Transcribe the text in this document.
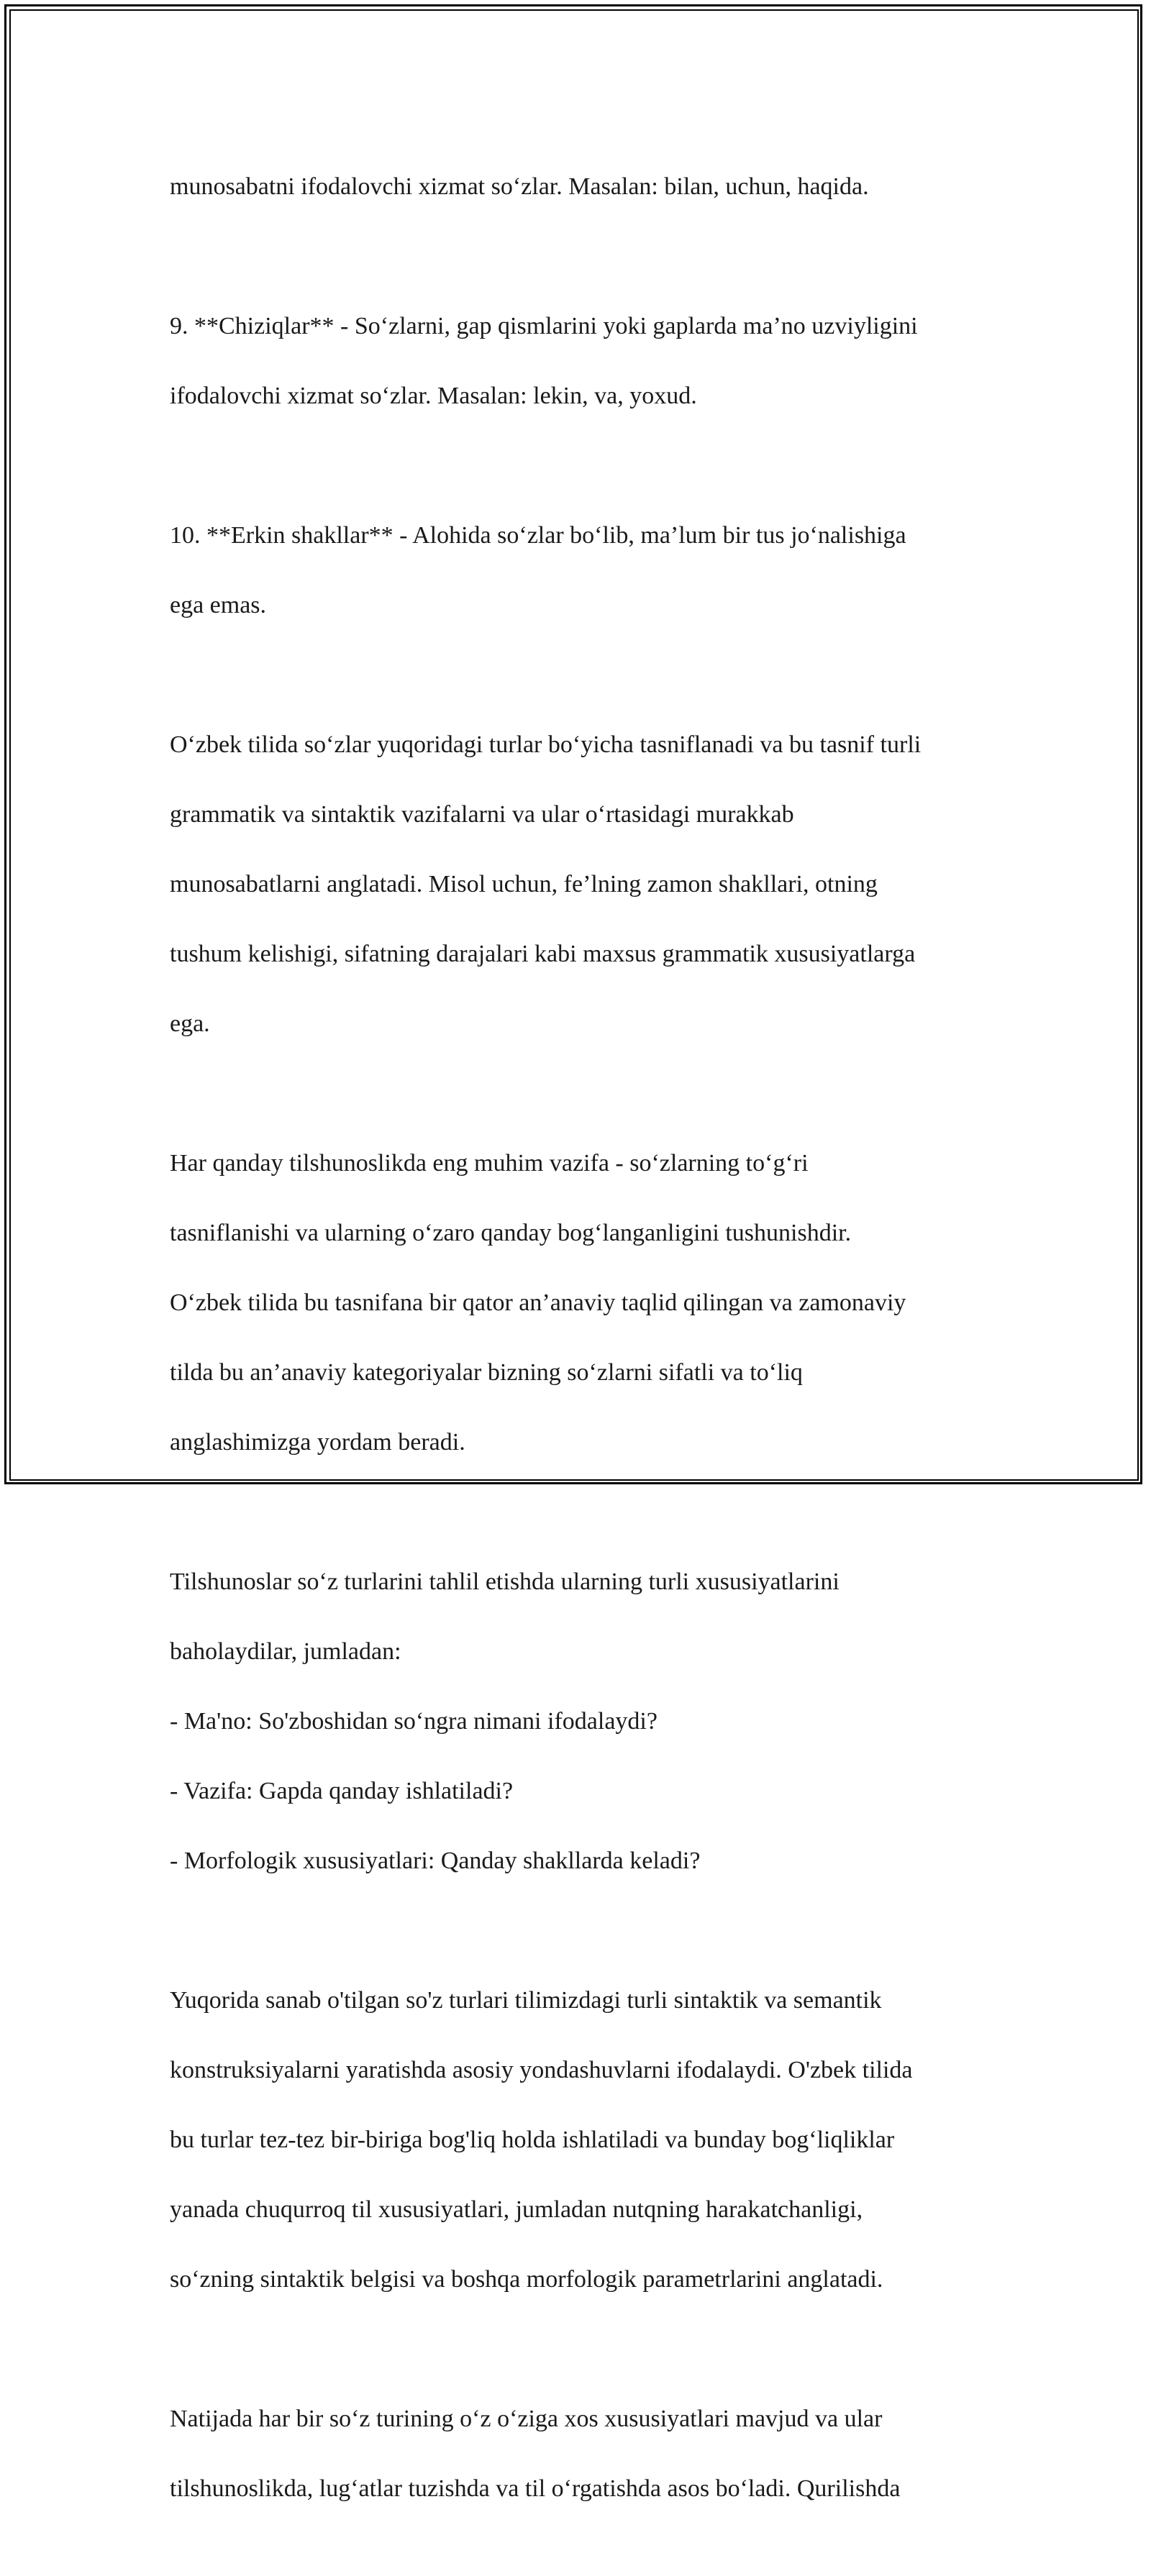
munosabatni ifodalovchi xizmat so‘zlar. Masalan: bilan, uchun, haqida.

9. **Chiziqlar** - So‘zlarni, gap qismlarini yoki gaplarda ma’no uzviyligini

ifodalovchi xizmat so‘zlar. Masalan: lekin, va, yoxud.

10. **Erkin shakllar** - Alohida so‘zlar bo‘lib, ma’lum bir tus jo‘nalishiga

ega emas.

O‘zbek tilida so‘zlar yuqoridagi turlar bo‘yicha tasniflanadi va bu tasnif turli

grammatik va sintaktik vazifalarni va ular o‘rtasidagi murakkab

munosabatlarni anglatadi. Misol uchun, fe’lning zamon shakllari, otning

tushum kelishigi, sifatning darajalari kabi maxsus grammatik xususiyatlarga

ega.

Har qanday tilshunoslikda eng muhim vazifa - so‘zlarning to‘g‘ri

tasniflanishi va ularning o‘zaro qanday bog‘langanligini tushunishdir.

O‘zbek tilida bu tasnifana bir qator an’anaviy taqlid qilingan va zamonaviy

tilda bu an’anaviy kategoriyalar bizning so‘zlarni sifatli va to‘liq

anglashimizga yordam beradi.

Tilshunoslar so‘z turlarini tahlil etishda ularning turli xususiyatlarini

baholaydilar, jumladan:

- Ma'no: So'zboshidan so‘ngra nimani ifodalaydi?

- Vazifa: Gapda qanday ishlatiladi?

- Morfologik xususiyatlari: Qanday shakllarda keladi?

Yuqorida sanab o'tilgan so'z turlari tilimizdagi turli sintaktik va semantik

konstruksiyalarni yaratishda asosiy yondashuvlarni ifodalaydi. O'zbek tilida

bu turlar tez-tez bir-biriga bog'liq holda ishlatiladi va bunday bog‘liqliklar

yanada chuqurroq til xususiyatlari, jumladan nutqning harakatchanligi,

so‘zning sintaktik belgisi va boshqa morfologik parametrlarini anglatadi.

Natijada har bir so‘z turining o‘z o‘ziga xos xususiyatlari mavjud va ular

tilshunoslikda, lug‘atlar tuzishda va til o‘rgatishda asos bo‘ladi. Qurilishda
